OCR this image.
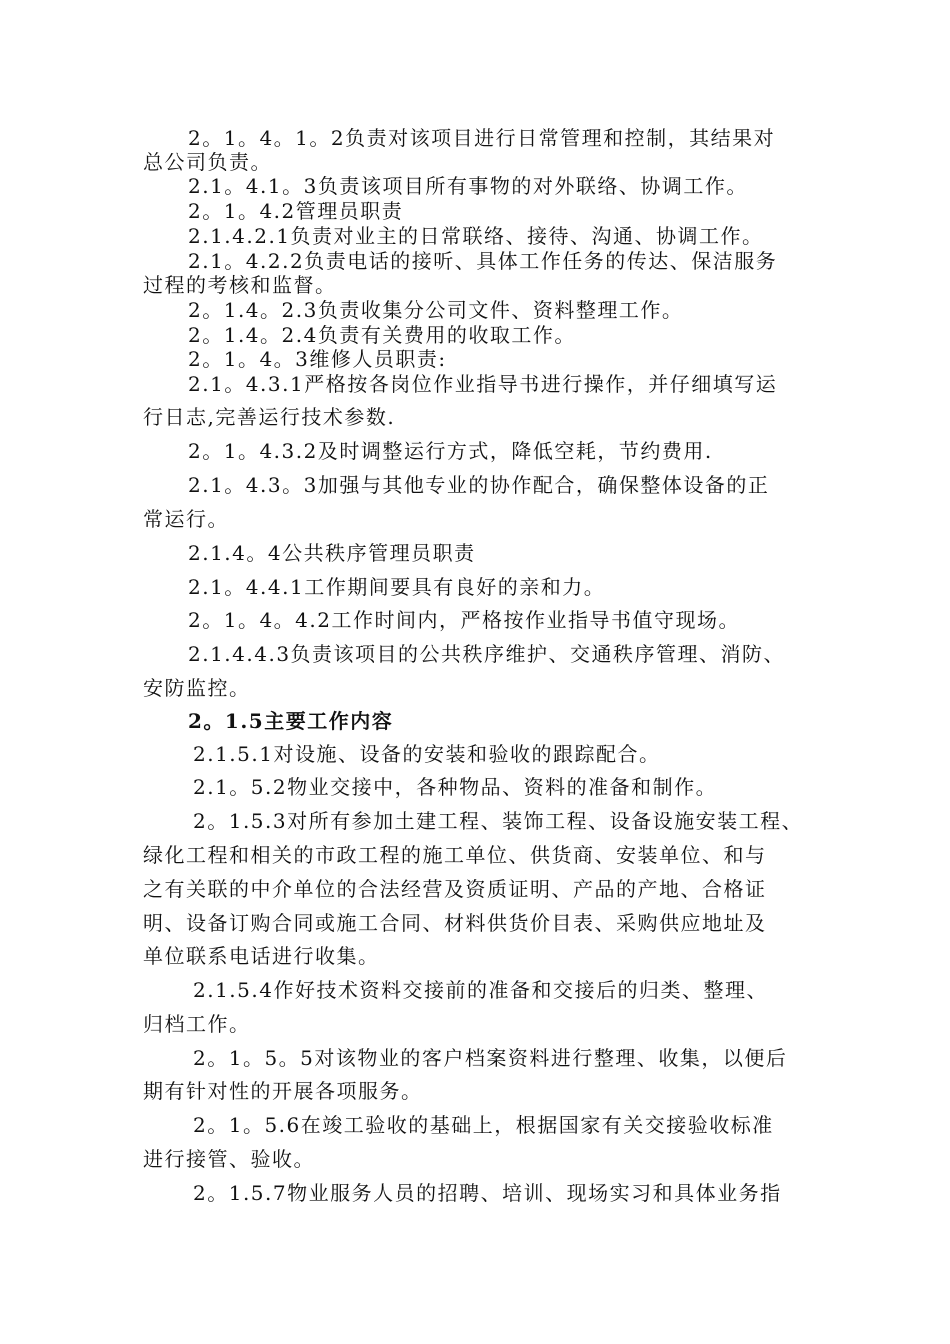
2。1。4。1。2负责对该项目进行日常管理和控制，其结果对
总公司负责。
2.1。4.1。3负责该项目所有事物的对外联络、协调工作。
2。1。4.2管理员职责
2.1.4.2.1负责对业主的日常联络、接待、沟通、协调工作。
2.1。4.2.2负责电话的接听、具体工作任务的传达、保洁服务
过程的考核和监督。
2。1.4。2.3负责收集分公司文件、资料整理工作。
2。1.4。2.4负责有关费用的收取工作。
2。1。4。3维修人员职责:
2.1。4.3.1严格按各岗位作业指导书进行操作，并仔细填写运
行日志,完善运行技术参数.
2。1。4.3.2及时调整运行方式，降低空耗，节约费用.
2.1。4.3。3加强与其他专业的协作配合，确保整体设备的正
常运行。
2.1.4。4公共秩序管理员职责
2.1。4.4.1工作期间要具有良好的亲和力。
2。1。4。4.2工作时间内，严格按作业指导书值守现场。
2.1.4.4.3负责该项目的公共秩序维护、交通秩序管理、消防、
安防监控。
2。1.5主要工作内容
2.1.5.1对设施、设备的安装和验收的跟踪配合。
2.1。5.2物业交接中，各种物品、资料的准备和制作。
2。1.5.3对所有参加土建工程、装饰工程、设备设施安装工程、
绿化工程和相关的市政工程的施工单位、供货商、安装单位、和与
之有关联的中介单位的合法经营及资质证明、产品的产地、合格证
明、设备订购合同或施工合同、材料供货价目表、采购供应地址及
单位联系电话进行收集。
2.1.5.4作好技术资料交接前的准备和交接后的归类、整理、
归档工作。
2。1。5。5对该物业的客户档案资料进行整理、收集，以便后
期有针对性的开展各项服务。
2。1。5.6在竣工验收的基础上，根据国家有关交接验收标准
进行接管、验收。
2。1.5.7物业服务人员的招聘、培训、现场实习和具体业务指
